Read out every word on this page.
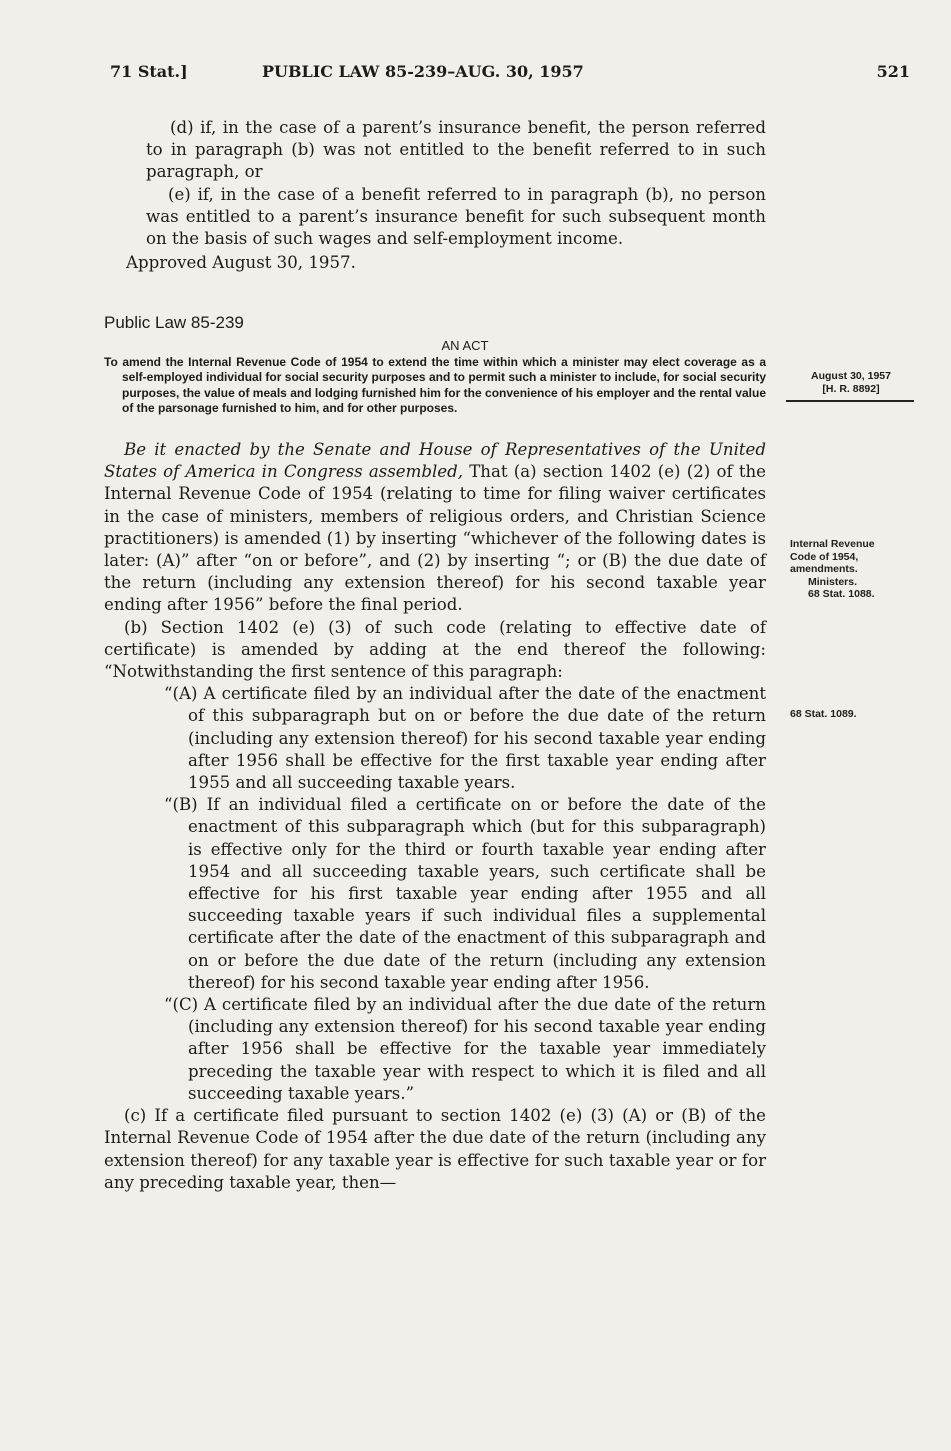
71 Stat.]	PUBLIC LAW 85-239–AUG. 30, 1957	521

(d) if, in the case of a parent’s insurance benefit, the person referred to in paragraph (b) was not entitled to the benefit referred to in such paragraph, or

(e) if, in the case of a benefit referred to in paragraph (b), no person was entitled to a parent’s insurance benefit for such subsequent month on the basis of such wages and self-employment income.

Approved August 30, 1957.

Public Law 85-239

AN ACT

To amend the Internal Revenue Code of 1954 to extend the time within which a minister may elect coverage as a self-employed individual for social security purposes and to permit such a minister to include, for social security purposes, the value of meals and lodging furnished him for the convenience of his employer and the rental value of the parsonage furnished to him, and for other purposes.

Be it enacted by the Senate and House of Representatives of the United States of America in Congress assembled, That (a) section 1402 (e) (2) of the Internal Revenue Code of 1954 (relating to time for filing waiver certificates in the case of ministers, members of religious orders, and Christian Science practitioners) is amended (1) by inserting “whichever of the following dates is later: (A)” after “on or before”, and (2) by inserting “; or (B) the due date of the return (including any extension thereof) for his second taxable year ending after 1956” before the final period.

(b) Section 1402 (e) (3) of such code (relating to effective date of certificate) is amended by adding at the end thereof the following: “Notwithstanding the first sentence of this paragraph:

“(A) A certificate filed by an individual after the date of the enactment of this subparagraph but on or before the due date of the return (including any extension thereof) for his second taxable year ending after 1956 shall be effective for the first taxable year ending after 1955 and all succeeding taxable years.

“(B) If an individual filed a certificate on or before the date of the enactment of this subparagraph which (but for this subparagraph) is effective only for the third or fourth taxable year ending after 1954 and all succeeding taxable years, such certificate shall be effective for his first taxable year ending after 1955 and all succeeding taxable years if such individual files a supplemental certificate after the date of the enactment of this subparagraph and on or before the due date of the return (including any extension thereof) for his second taxable year ending after 1956.

“(C) A certificate filed by an individual after the due date of the return (including any extension thereof) for his second taxable year ending after 1956 shall be effective for the taxable year immediately preceding the taxable year with respect to which it is filed and all succeeding taxable years.”

(c) If a certificate filed pursuant to section 1402 (e) (3) (A) or (B) of the Internal Revenue Code of 1954 after the due date of the return (including any extension thereof) for any taxable year is effective for such taxable year or for any preceding taxable year, then—

August 30, 1957
[H. R. 8892]
Internal Revenue
Code of 1954,
amendments.
Ministers.
68 Stat. 1088.
68 Stat. 1089.
